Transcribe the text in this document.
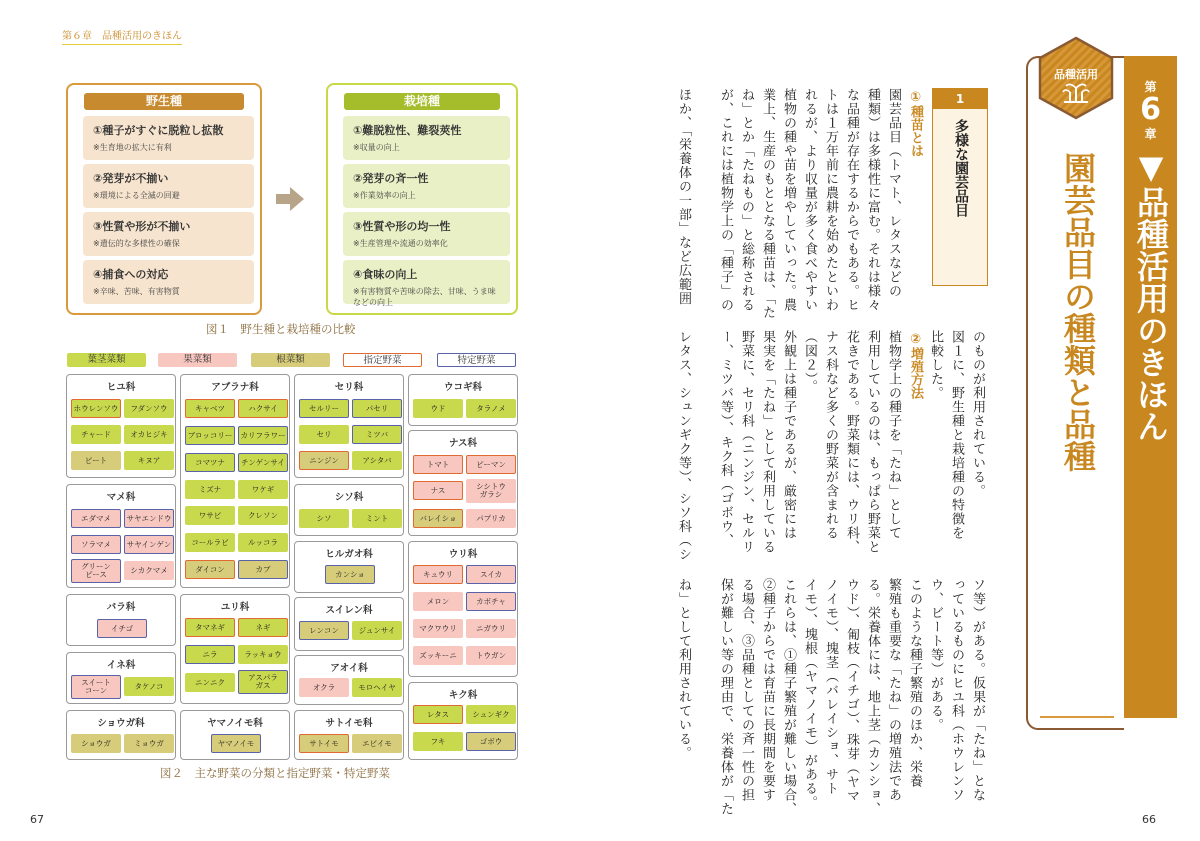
第６章　品種活用のきほん
67	66
野生種
①種子がすぐに脱粒し拡散
※生育地の拡大に有利
②発芽が不揃い
※環境による全滅の回避
③性質や形が不揃い
※遺伝的な多様性の確保
④捕食への対応
※辛味、苦味、有害物質
栽培種
①難脱粒性、難裂莢性
※収量の向上
②発芽の斉一性
※作業効率の向上
③性質や形の均一性
※生産管理や流通の効率化
④食味の向上
※有害物質や苦味の除去、甘味、うま味などの向上
図１　野生種と栽培種の比較
葉茎菜類	果菜類	根菜類	指定野菜	特定野菜
ヒユ科
ホウレンソウ	フダンソウ
チャード	オカヒジキ
ビート	キヌア
マメ科
エダマメ	サヤエンドウ
ソラマメ	サヤインゲン
グリーン
ピース	シカクマメ
バラ科
イチゴ
イネ科
スイート
コーン	タケノコ
ショウガ科
ショウガ	ミョウガ
アブラナ科
キャベツ	ハクサイ
ブロッコリー	カリフラワー
コマツナ	チンゲンサイ
ミズナ	ワケギ
ワサビ	クレソン
コールラビ	ルッコラ
ダイコン	カブ
ユリ科
タマネギ	ネギ
ニラ	ラッキョウ
ニンニク	アスパラ
ガス
ヤマノイモ科
ヤマノイモ
セリ科
セルリー	パセリ
セリ	ミツバ
ニンジン	アシタバ
シソ科
シソ	ミント
ヒルガオ科
カンショ
スイレン科
レンコン	ジュンサイ
アオイ科
オクラ	モロヘイヤ
サトイモ科
サトイモ	エビイモ
ウコギ科
ウド	タラノメ
ナス科
トマト	ピーマン
ナス	シシトウ
ガラシ
バレイショ	パプリカ
ウリ科
キュウリ	スイカ
メロン	カボチャ
マクワウリ	ニガウリ
ズッキーニ	トウガン
キク科
レタス	シュンギク
フキ	ゴボウ
図２　主な野菜の分類と指定野菜・特定野菜
1
多様な園芸品目
①種苗とは
園芸品目（トマト、レタスなどの
種類）は多様性に富む。それは様々
な品種が存在するからでもある。ヒ
トは１万年前に農耕を始めたといわ
れるが、より収量が多く食べやすい
植物の種や苗を増やしていった。農
業上、生産のもととなる種苗は、「た
ね」とか「たねもの」と総称される
が、これには植物学上の「種子」の
ほか、「栄養体の一部」など広範囲
のものが利用されている。
図１に、野生種と栽培種の特徴を
比較した。
②増殖方法
植物学上の種子を「たね」として
利用しているのは、もっぱら野菜と
花きである。野菜類には、ウリ科、
ナス科など多くの野菜が含まれる
（図２）。
外観上は種子であるが、厳密には
果実を「たね」として利用している
野菜に、セリ科（ニンジン、セルリ
ー、ミツバ等）、キク科（ゴボウ、
レタス、シュンギク等）、シソ科（シ
ソ等）がある。仮果が「たね」とな
っているものにヒユ科（ホウレンソ
ウ、ビート等）がある。
このような種子繁殖のほか、栄養
繁殖も重要な「たね」の増殖法であ
る。栄養体には、地上茎（カンショ、
ウド）、匍枝（イチゴ）、珠芽（ヤマ
ノイモ）、塊茎（バレイショ、サト
イモ）、塊根（ヤマノイモ）がある。
これらは、①種子繁殖が難しい場合、
②種子からでは育苗に長期間を要す
る場合、③品種としての斉一性の担
保が難しい等の理由で、栄養体が「た
ね」として利用されている。
品種活用
第
6
章
▼品種活用のきほん
園芸品目の種類と品種
